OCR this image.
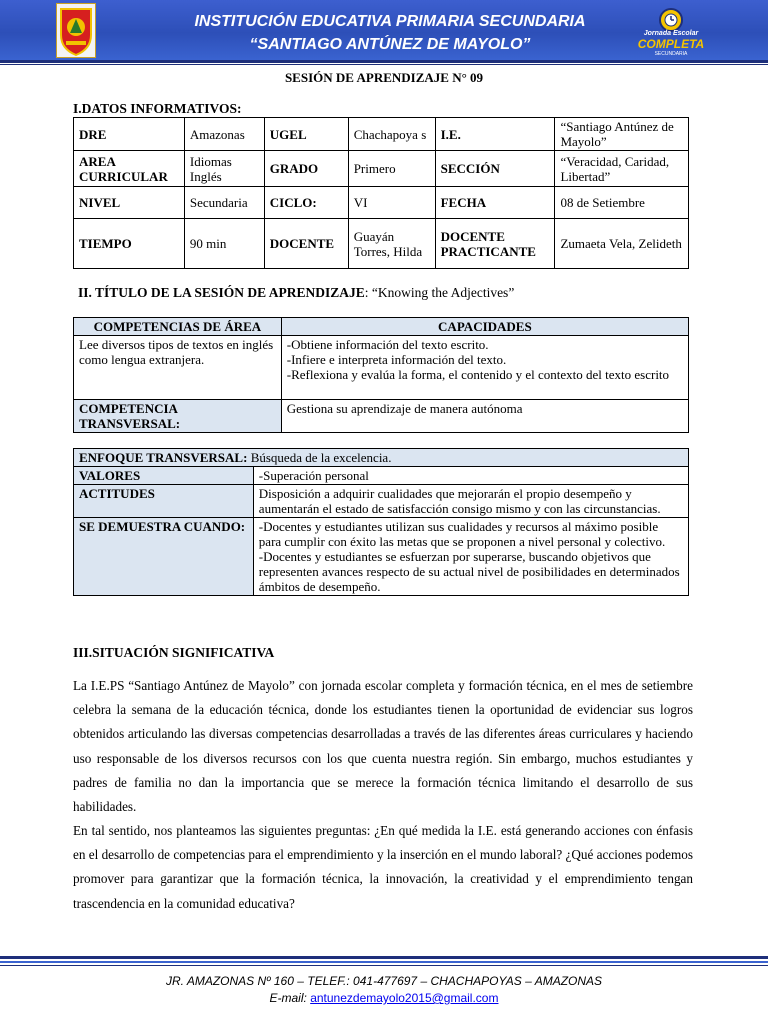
INSTITUCIÓN EDUCATIVA PRIMARIA SECUNDARIA
“SANTIAGO ANTÚNEZ DE MAYOLO”
Jornada Escolar
COMPLETA
SECUNDARIA
SESIÓN DE APRENDIZAJE N° 09
I.DATOS INFORMATIVOS:
DRE	Amazonas	UGEL	Chachapoya s	I.E.	“Santiago Antúnez de Mayolo”
AREA CURRICULAR	Idiomas Inglés	GRADO	Primero	SECCIÓN	“Veracidad, Caridad, Libertad”
NIVEL	Secundaria	CICLO:	VI	FECHA	08 de Setiembre
TIEMPO	90 min	DOCENTE	Guayán Torres, Hilda	DOCENTE PRACTICANTE	Zumaeta Vela, Zelideth
II. TÍTULO DE LA SESIÓN DE APRENDIZAJE: “Knowing the Adjectives”
COMPETENCIAS DE ÁREA	CAPACIDADES
Lee diversos tipos de textos en inglés como lengua extranjera.	-Obtiene información del texto escrito.
-Infiere e interpreta información del texto.
-Reflexiona y evalúa la forma, el contenido y el contexto del texto escrito

COMPETENCIA TRANSVERSAL:	Gestiona su aprendizaje de manera autónoma
ENFOQUE TRANSVERSAL: Búsqueda de la excelencia.	
VALORES	-Superación personal
ACTITUDES	Disposición a adquirir cualidades que mejorarán el propio desempeño y aumentarán el estado de satisfacción consigo mismo y con las circunstancias.
SE DEMUESTRA CUANDO:	-Docentes y estudiantes utilizan sus cualidades y recursos al máximo posible para cumplir con éxito las metas que se proponen a nivel personal y colectivo.
-Docentes y estudiantes se esfuerzan por superarse, buscando objetivos que representen avances respecto de su actual nivel de posibilidades en determinados ámbitos de desempeño.
III.SITUACIÓN SIGNIFICATIVA
La I.E.PS “Santiago Antúnez de Mayolo” con jornada escolar completa y formación técnica, en el mes de setiembre celebra la semana de la educación técnica, donde los estudiantes tienen la oportunidad de evidenciar sus logros obtenidos articulando las diversas competencias desarrolladas a través de las diferentes áreas curriculares y haciendo uso responsable de los diversos recursos con los que cuenta nuestra región. Sin embargo, muchos estudiantes y padres de familia no dan la importancia que se merece la formación técnica limitando el desarrollo de sus habilidades.
En tal sentido, nos planteamos las siguientes preguntas: ¿En qué medida la I.E. está generando acciones con énfasis en el desarrollo de competencias para el emprendimiento y la inserción en el mundo laboral? ¿Qué acciones podemos promover para garantizar que la formación técnica, la innovación, la creatividad y el emprendimiento tengan trascendencia en la comunidad educativa?
JR. AMAZONAS Nº 160 – TELEF.: 041-477697 – CHACHAPOYAS – AMAZONAS
E-mail: antunezdemayolo2015@gmail.com
